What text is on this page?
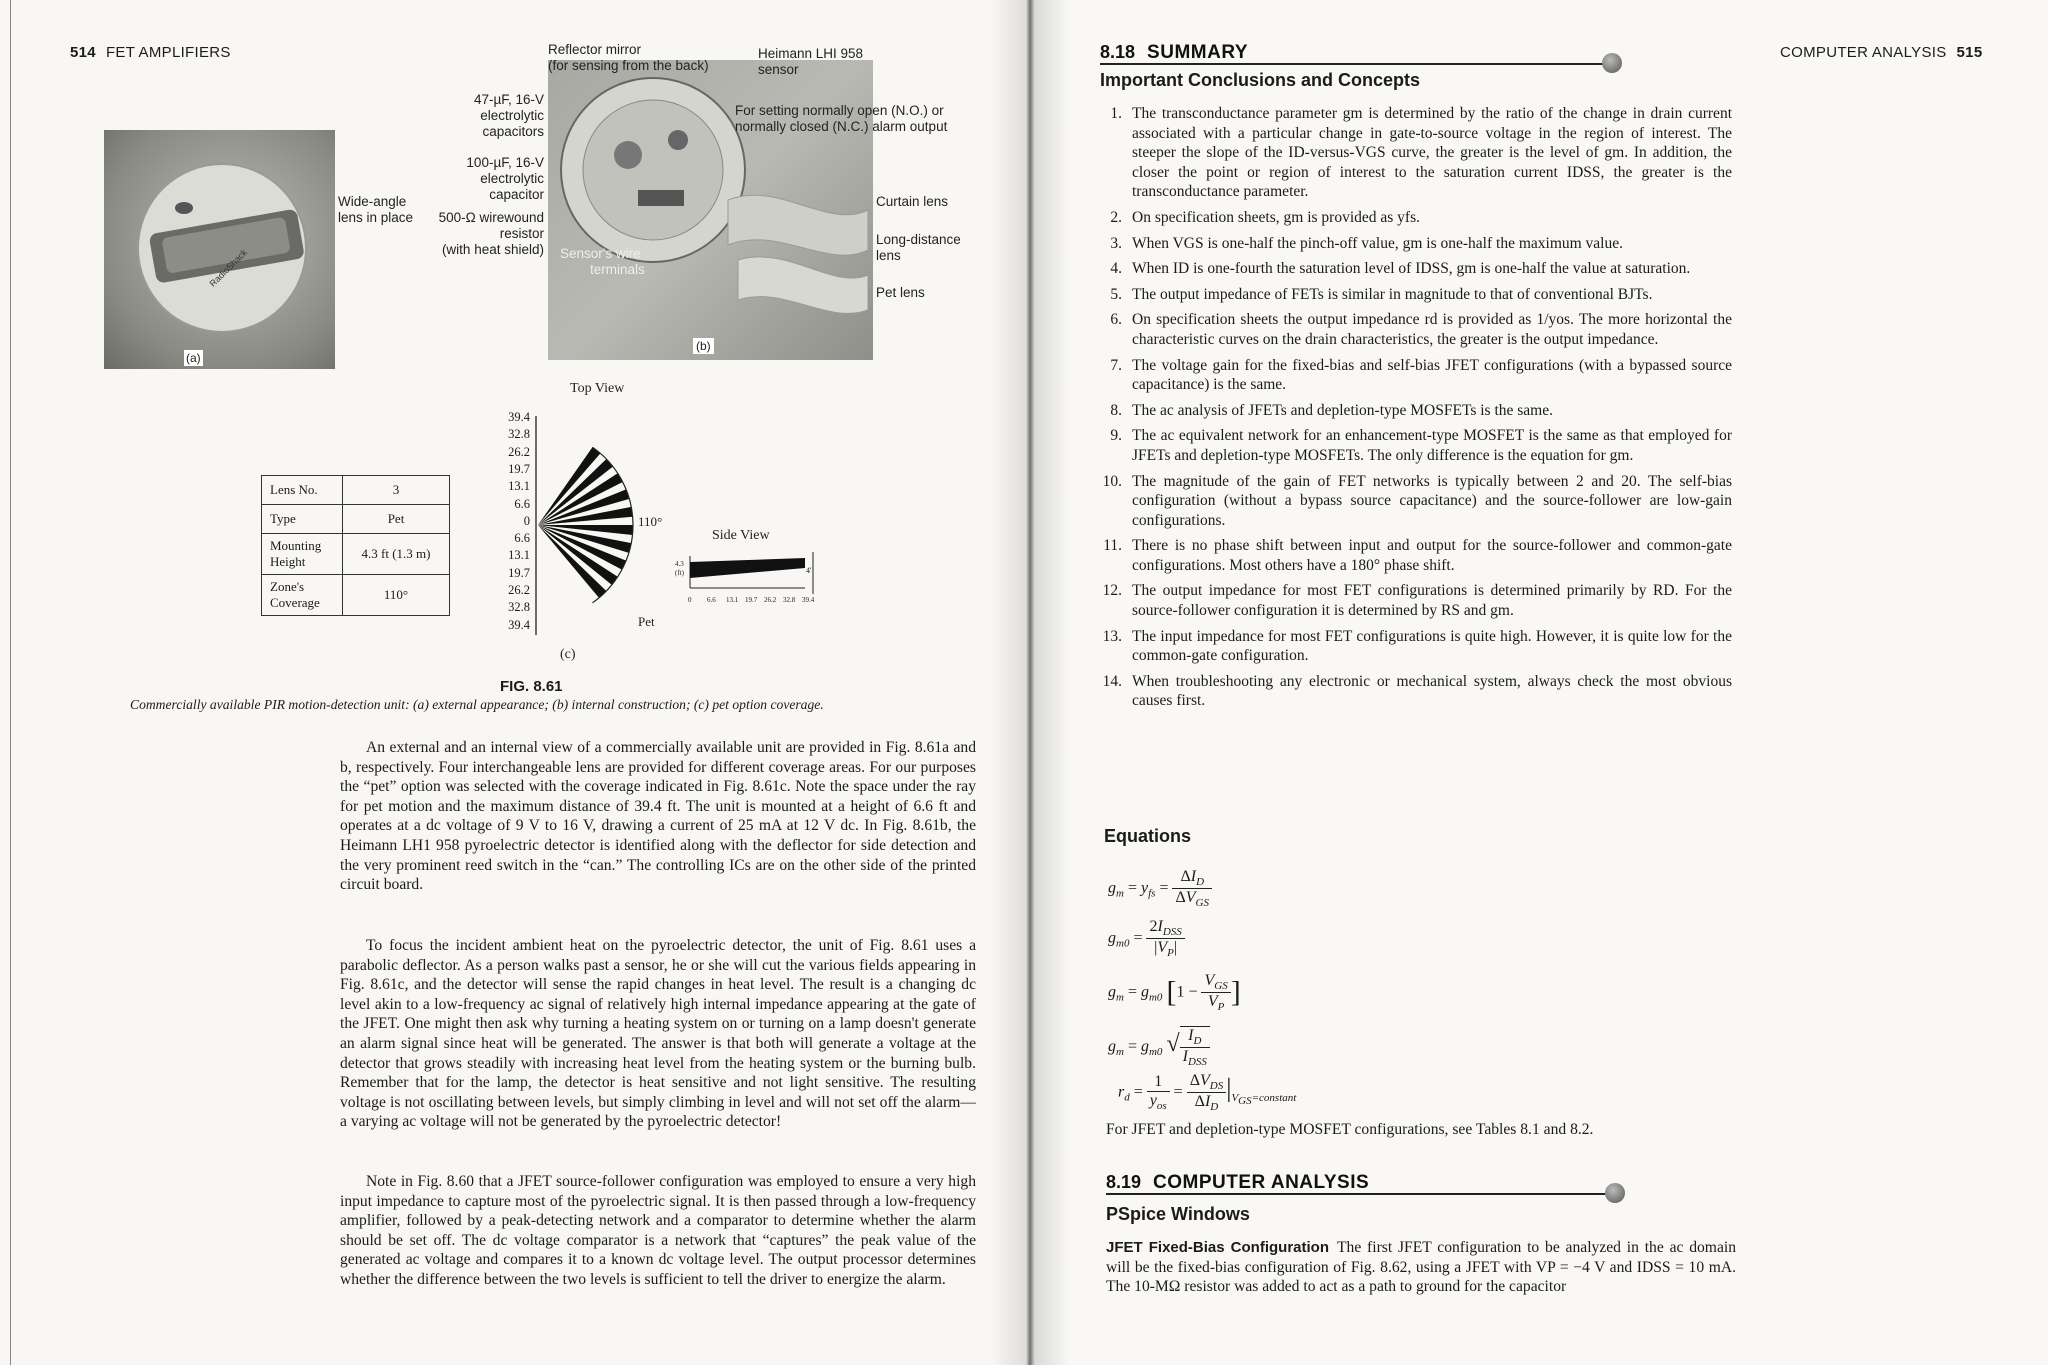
514 FET AMPLIFIERS
RadioShack
(a)
Wide-angle
lens in place
(b)
Sensor's wire
terminals
Reflector mirror
(for sensing from the back)
Heimann LHI 958
sensor
47-µF, 16-V
electrolytic
capacitors
100-µF, 16-V
electrolytic
capacitor
500-Ω wirewound
resistor
(with heat shield)
For setting normally open (N.O.) or
normally closed (N.C.) alarm output
Curtain lens
Long-distance
lens
Pet lens
Lens No.	3
Type	Pet
Mounting Height	4.3 ft (1.3 m)
Zone's Coverage	110°
Top View
110°
Pet
Side View
4.3
(ft)	4'
(c)
FIG. 8.61
Commercially available PIR motion-detection unit: (a) external appearance; (b) internal construction; (c) pet option coverage.
An external and an internal view of a commercially available unit are provided in Fig. 8.61a and b, respectively. Four interchangeable lens are provided for different coverage areas. For our purposes the “pet” option was selected with the coverage indicated in Fig. 8.61c. Note the space under the ray for pet motion and the maximum distance of 39.4 ft. The unit is mounted at a height of 6.6 ft and operates at a dc voltage of 9 V to 16 V, drawing a current of 25 mA at 12 V dc. In Fig. 8.61b, the Heimann LH1 958 pyroelectric detector is identified along with the deflector for side detection and the very prominent reed switch in the “can.” The controlling ICs are on the other side of the printed circuit board.
To focus the incident ambient heat on the pyroelectric detector, the unit of Fig. 8.61 uses a parabolic deflector. As a person walks past a sensor, he or she will cut the various fields appearing in Fig. 8.61c, and the detector will sense the rapid changes in heat level. The result is a changing dc level akin to a low-frequency ac signal of relatively high internal impedance appearing at the gate of the JFET. One might then ask why turning a heating system on or turning on a lamp doesn't generate an alarm signal since heat will be generated. The answer is that both will generate a voltage at the detector that grows steadily with increasing heat level from the heating system or the burning bulb. Remember that for the lamp, the detector is heat sensitive and not light sensitive. The resulting voltage is not oscillating between levels, but simply climbing in level and will not set off the alarm—a varying ac voltage will not be generated by the pyroelectric detector!
Note in Fig. 8.60 that a JFET source-follower configuration was employed to ensure a very high input impedance to capture most of the pyroelectric signal. It is then passed through a low-frequency amplifier, followed by a peak-detecting network and a comparator to determine whether the alarm should be set off. The dc voltage comparator is a network that “captures” the peak value of the generated ac voltage and compares it to a known dc voltage level. The output processor determines whether the difference between the two levels is sufficient to tell the driver to energize the alarm.
39.4
32.8
26.2
19.7
13.1
6.6
0
6.6
13.1
19.7
26.2
32.8
39.4
0 6.6 13.1 19.7 26.2 32.8 39.4
COMPUTER ANALYSIS 515
8.18 SUMMARY
Important Conclusions and Concepts
1. The transconductance parameter gm is determined by the ratio of the change in drain current associated with a particular change in gate-to-source voltage in the region of interest. The steeper the slope of the ID-versus-VGS curve, the greater is the level of gm. In addition, the closer the point or region of interest to the saturation current IDSS, the greater is the transconductance parameter.
2. On specification sheets, gm is provided as yfs.
3. When VGS is one-half the pinch-off value, gm is one-half the maximum value.
4. When ID is one-fourth the saturation level of IDSS, gm is one-half the value at saturation.
5. The output impedance of FETs is similar in magnitude to that of conventional BJTs.
6. On specification sheets the output impedance rd is provided as 1/yos. The more horizontal the characteristic curves on the drain characteristics, the greater is the output impedance.
7. The voltage gain for the fixed-bias and self-bias JFET configurations (with a bypassed source capacitance) is the same.
8. The ac analysis of JFETs and depletion-type MOSFETs is the same.
9. The ac equivalent network for an enhancement-type MOSFET is the same as that employed for JFETs and depletion-type MOSFETs. The only difference is the equation for gm.
10. The magnitude of the gain of FET networks is typically between 2 and 20. The self-bias configuration (without a bypass source capacitance) and the source-follower are low-gain configurations.
11. There is no phase shift between input and output for the source-follower and common-gate configurations. Most others have a 180° phase shift.
12. The output impedance for most FET configurations is determined primarily by RD. For the source-follower configuration it is determined by RS and gm.
13. The input impedance for most FET configurations is quite high. However, it is quite low for the common-gate configuration.
14. When troubleshooting any electronic or mechanical system, always check the most obvious causes first.
Equations
$g_m = y_{fs} = \frac{\Delta I_D}{\Delta V_{GS}}$
$g_{m0} = \frac{2I_{DSS}}{|V_P|}$
$g_m = g_{m0}$ [$1 - \frac{V_{GS}}{V_P}$ ]
$g_m = g_{m0}$ √ $\frac{I_D}{I_{DSS}}$
$r_d = \frac{1}{y_{os}} = \frac{\Delta V_{DS}}{\Delta I_D} |_{V_{GS}=constant}$
For JFET and depletion-type MOSFET configurations, see Tables 8.1 and 8.2.
8.19 COMPUTER ANALYSIS
PSpice Windows
JFET Fixed-Bias Configuration The first JFET configuration to be analyzed in the ac domain will be the fixed-bias configuration of Fig. 8.62, using a JFET with VP = −4 V and IDSS = 10 mA. The 10-MΩ resistor was added to act as a path to ground for the capacitor
